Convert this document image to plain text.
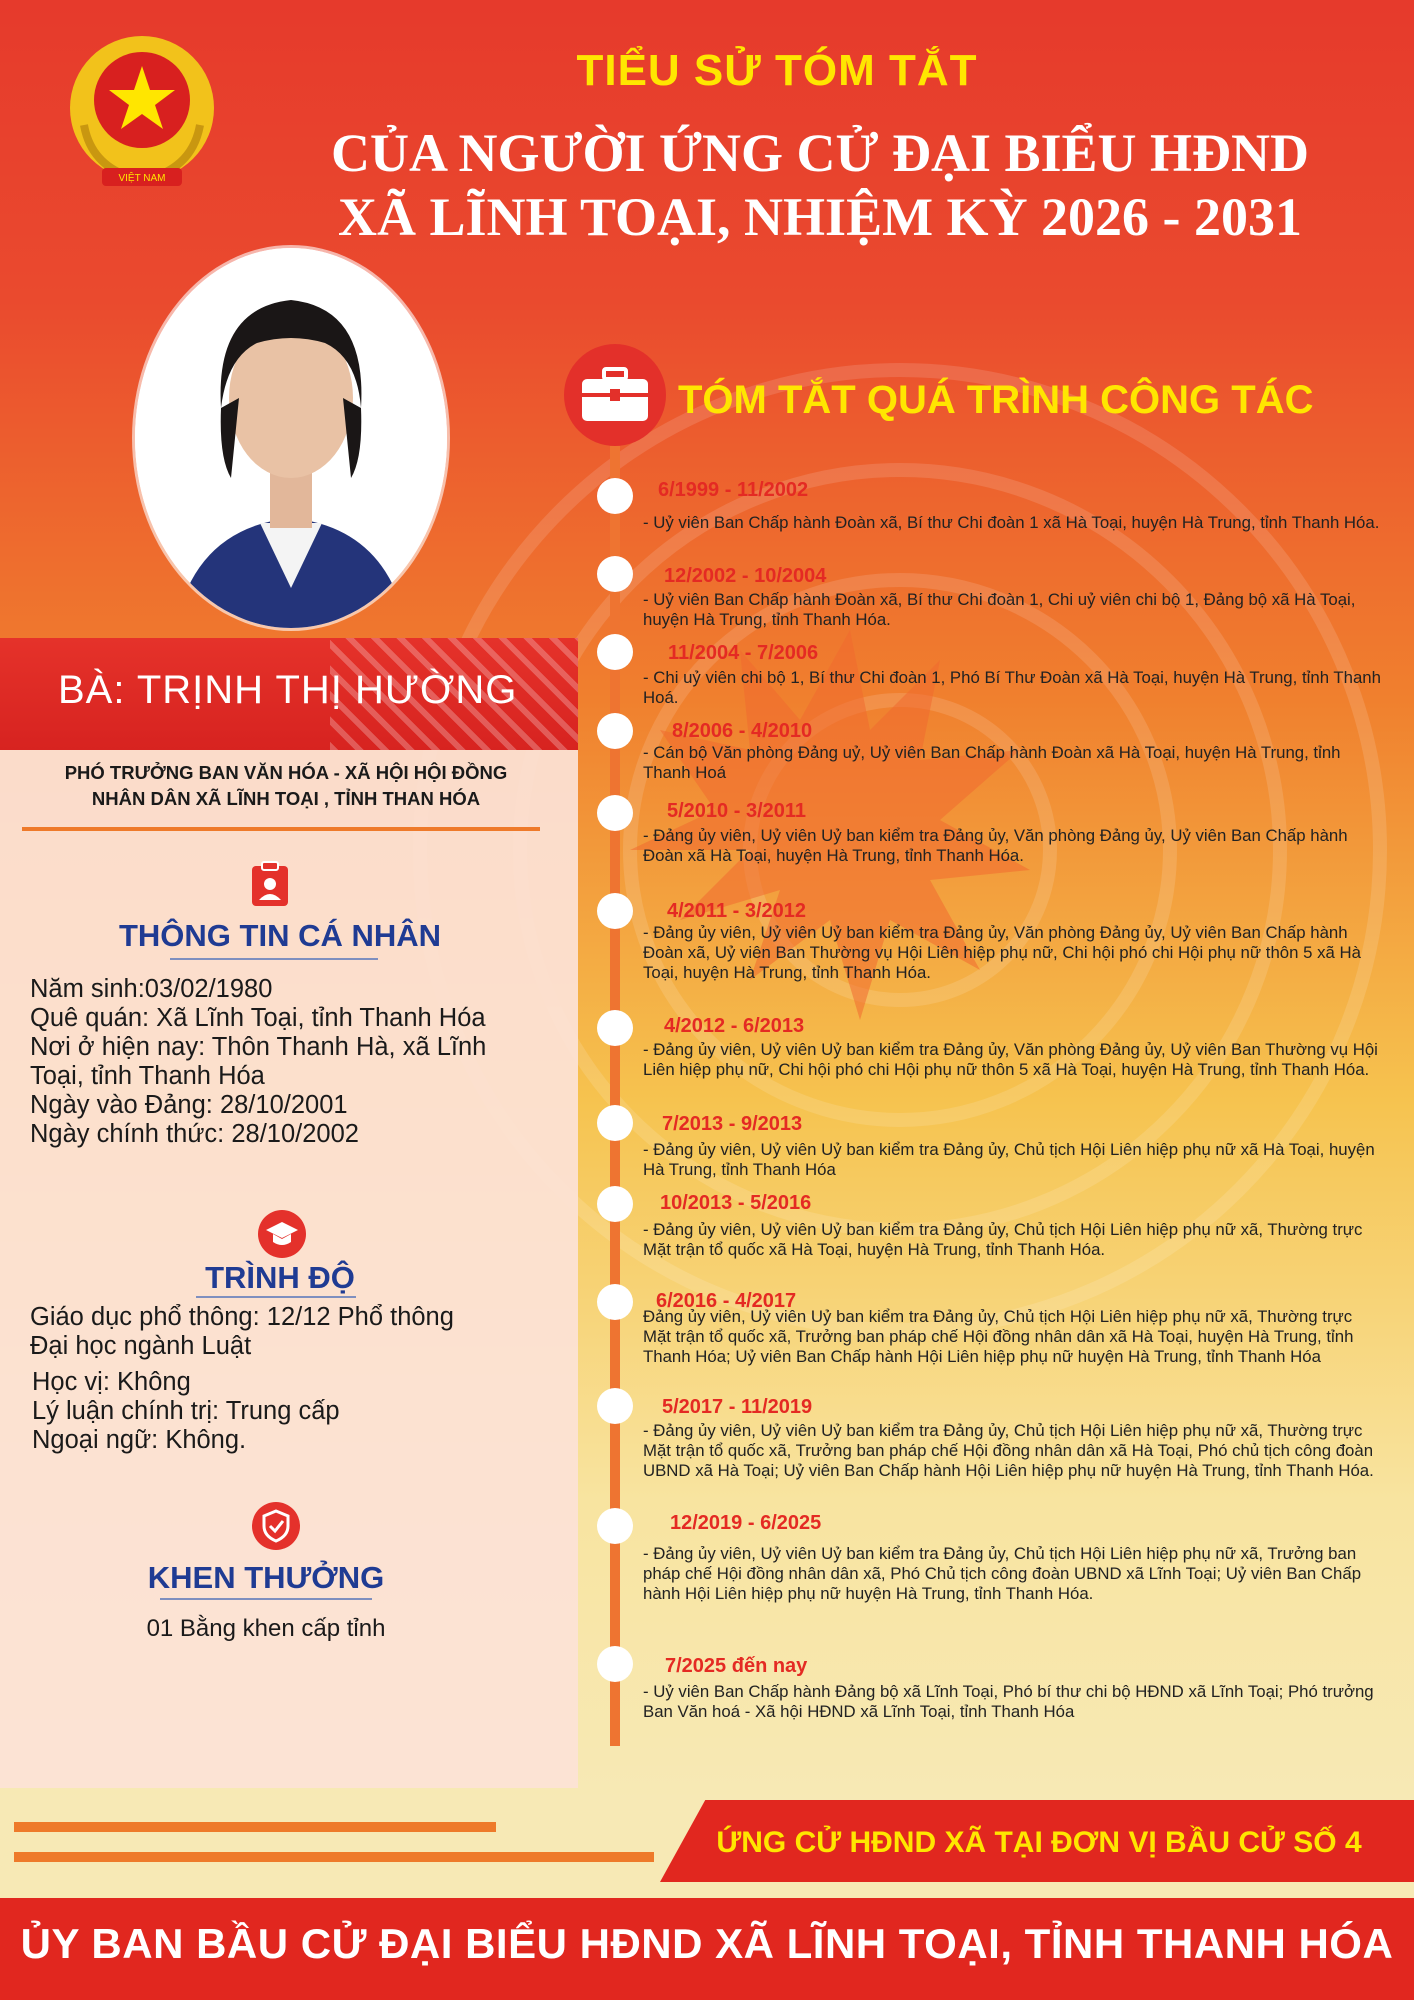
VIỆT NAM
TIỂU SỬ TÓM TẮT
CỦA NGƯỜI ỨNG CỬ ĐẠI BIỂU HĐND
XÃ LĨNH TOẠI, NHIỆM KỲ 2026 - 2031
BÀ: TRỊNH THỊ HƯỜNG
PHÓ TRƯỞNG BAN VĂN HÓA - XÃ HỘI HỘI ĐỒNG
NHÂN DÂN XÃ LĨNH TOẠI , TỈNH THAN HÓA
THÔNG TIN CÁ NHÂN
Năm sinh:03/02/1980
Quê quán: Xã Lĩnh Toại, tỉnh Thanh Hóa
Nơi ở hiện nay: Thôn Thanh Hà, xã Lĩnh
Toại, tỉnh Thanh Hóa
Ngày vào Đảng: 28/10/2001
Ngày chính thức: 28/10/2002
TRÌNH ĐỘ
Giáo dục phổ thông: 12/12 Phổ thông
Đại học ngành Luật
Học vị: Không
Lý luận chính trị: Trung cấp
Ngoại ngữ: Không.
KHEN THƯỞNG
01 Bằng khen cấp tỉnh
TÓM TẮT QUÁ TRÌNH CÔNG TÁC
6/1999 - 11/2002
- Uỷ viên Ban Chấp hành Đoàn xã, Bí thư Chi đoàn 1 xã Hà Toại, huyện Hà Trung, tỉnh Thanh Hóa.
12/2002 - 10/2004
- Uỷ viên Ban Chấp hành Đoàn xã, Bí thư Chi đoàn 1, Chi uỷ viên chi bộ 1, Đảng bộ xã Hà Toại, huyện Hà Trung, tỉnh Thanh Hóa.
11/2004 - 7/2006
- Chi uỷ viên chi bộ 1, Bí thư Chi đoàn 1, Phó Bí Thư Đoàn xã Hà Toại, huyện Hà Trung, tỉnh Thanh Hoá.
8/2006 - 4/2010
- Cán bộ Văn phòng Đảng uỷ, Uỷ viên Ban Chấp hành Đoàn xã Hà Toại, huyện Hà Trung, tỉnh Thanh Hoá
5/2010 - 3/2011
- Đảng ủy viên, Uỷ viên Uỷ ban kiểm tra Đảng ủy, Văn phòng Đảng ủy, Uỷ viên Ban Chấp hành Đoàn xã Hà Toại, huyện Hà Trung, tỉnh Thanh Hóa.
4/2011 - 3/2012
- Đảng ủy viên, Uỷ viên Uỷ ban kiểm tra Đảng ủy, Văn phòng Đảng ủy, Uỷ viên Ban Chấp hành Đoàn xã, Uỷ viên Ban Thường vụ Hội Liên hiệp phụ nữ, Chi hội phó chi Hội phụ nữ thôn 5 xã Hà Toại, huyện Hà Trung, tỉnh Thanh Hóa.
4/2012 - 6/2013
- Đảng ủy viên, Uỷ viên Uỷ ban kiểm tra Đảng ủy, Văn phòng Đảng ủy, Uỷ viên Ban Thường vụ Hội Liên hiệp phụ nữ, Chi hội phó chi Hội phụ nữ thôn 5 xã Hà Toại, huyện Hà Trung, tỉnh Thanh Hóa.
7/2013 - 9/2013
- Đảng ủy viên, Uỷ viên Uỷ ban kiểm tra Đảng ủy, Chủ tịch Hội Liên hiệp phụ nữ xã Hà Toại, huyện Hà Trung, tỉnh Thanh Hóa
10/2013 - 5/2016
- Đảng ủy viên, Uỷ viên Uỷ ban kiểm tra Đảng ủy, Chủ tịch Hội Liên hiệp phụ nữ xã, Thường trực Mặt trận tổ quốc xã Hà Toại, huyện Hà Trung, tỉnh Thanh Hóa.
6/2016 - 4/2017
Đảng ủy viên, Uỷ viên Uỷ ban kiểm tra Đảng ủy, Chủ tịch Hội Liên hiệp phụ nữ xã, Thường trực Mặt trận tổ quốc xã, Trưởng ban pháp chế Hội đồng nhân dân xã Hà Toại, huyện Hà Trung, tỉnh Thanh Hóa; Uỷ viên Ban Chấp hành Hội Liên hiệp phụ nữ huyện Hà Trung, tỉnh Thanh Hóa
5/2017 - 11/2019
- Đảng ủy viên, Uỷ viên Uỷ ban kiểm tra Đảng ủy, Chủ tịch Hội Liên hiệp phụ nữ xã, Thường trực Mặt trận tổ quốc xã, Trưởng ban pháp chế Hội đồng nhân dân xã Hà Toại, Phó chủ tịch công đoàn UBND xã Hà Toại; Uỷ viên Ban Chấp hành Hội Liên hiệp phụ nữ huyện Hà Trung, tỉnh Thanh Hóa.
12/2019 - 6/2025
- Đảng ủy viên, Uỷ viên Uỷ ban kiểm tra Đảng ủy, Chủ tịch Hội Liên hiệp phụ nữ xã, Trưởng ban pháp chế Hội đồng nhân dân xã, Phó Chủ tịch công đoàn UBND xã Lĩnh Toại; Uỷ viên Ban Chấp hành Hội Liên hiệp phụ nữ huyện Hà Trung, tỉnh Thanh Hóa.
7/2025 đến nay
- Uỷ viên Ban Chấp hành Đảng bộ xã Lĩnh Toại, Phó bí thư chi bộ HĐND xã Lĩnh Toại; Phó trưởng Ban Văn hoá - Xã hội HĐND xã Lĩnh Toại, tỉnh Thanh Hóa
ỨNG CỬ HĐND XÃ TẠI ĐƠN VỊ BẦU CỬ SỐ 4
ỦY BAN BẦU CỬ ĐẠI BIỂU HĐND XÃ LĨNH TOẠI, TỈNH THANH HÓA
